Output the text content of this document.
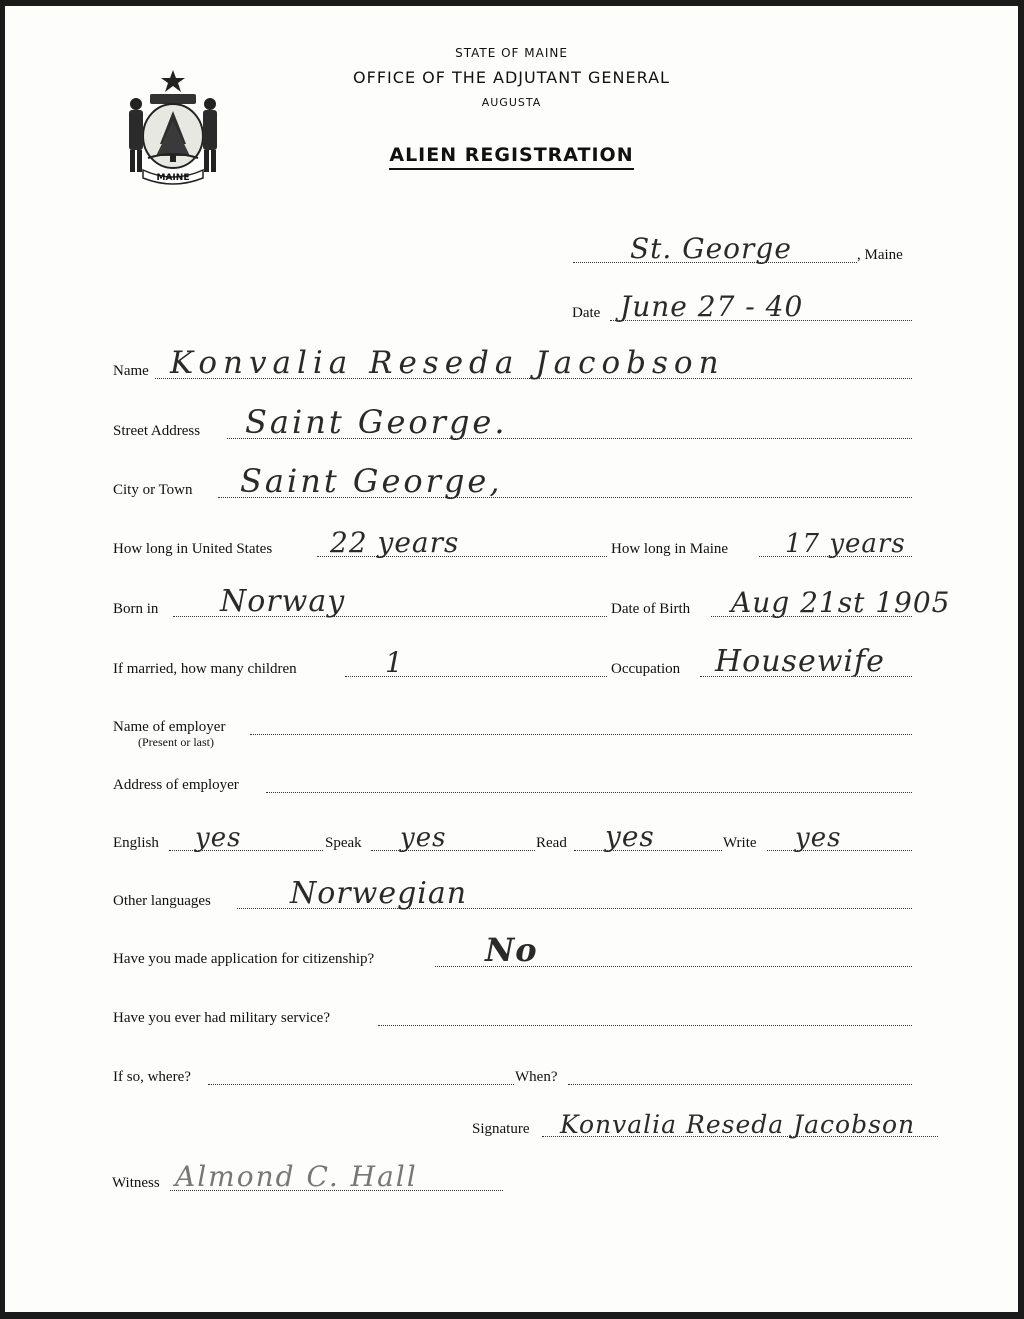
STATE OF MAINE
OFFICE OF THE ADJUTANT GENERAL
AUGUSTA
ALIEN REGISTRATION
MAINE
St. George	, Maine
Date June 27 - 40
Name Konvalia Reseda Jacobson
Street Address Saint George.
City or Town Saint George,
How long in United States 22 years	How long in Maine 17 years
Born in Norway	Date of Birth Aug 21st 1905
If married, how many children	1	Occupation Housewife
Name of employer
(Present or last)
Address of employer
English yes	Speak yes	Read yes	Write yes
Other languages	Norwegian
Have you made application for citizenship?	No
Have you ever had military service?
If so, where?	When?
Signature Konvalia Reseda Jacobson
Witness Almond C. Hall
